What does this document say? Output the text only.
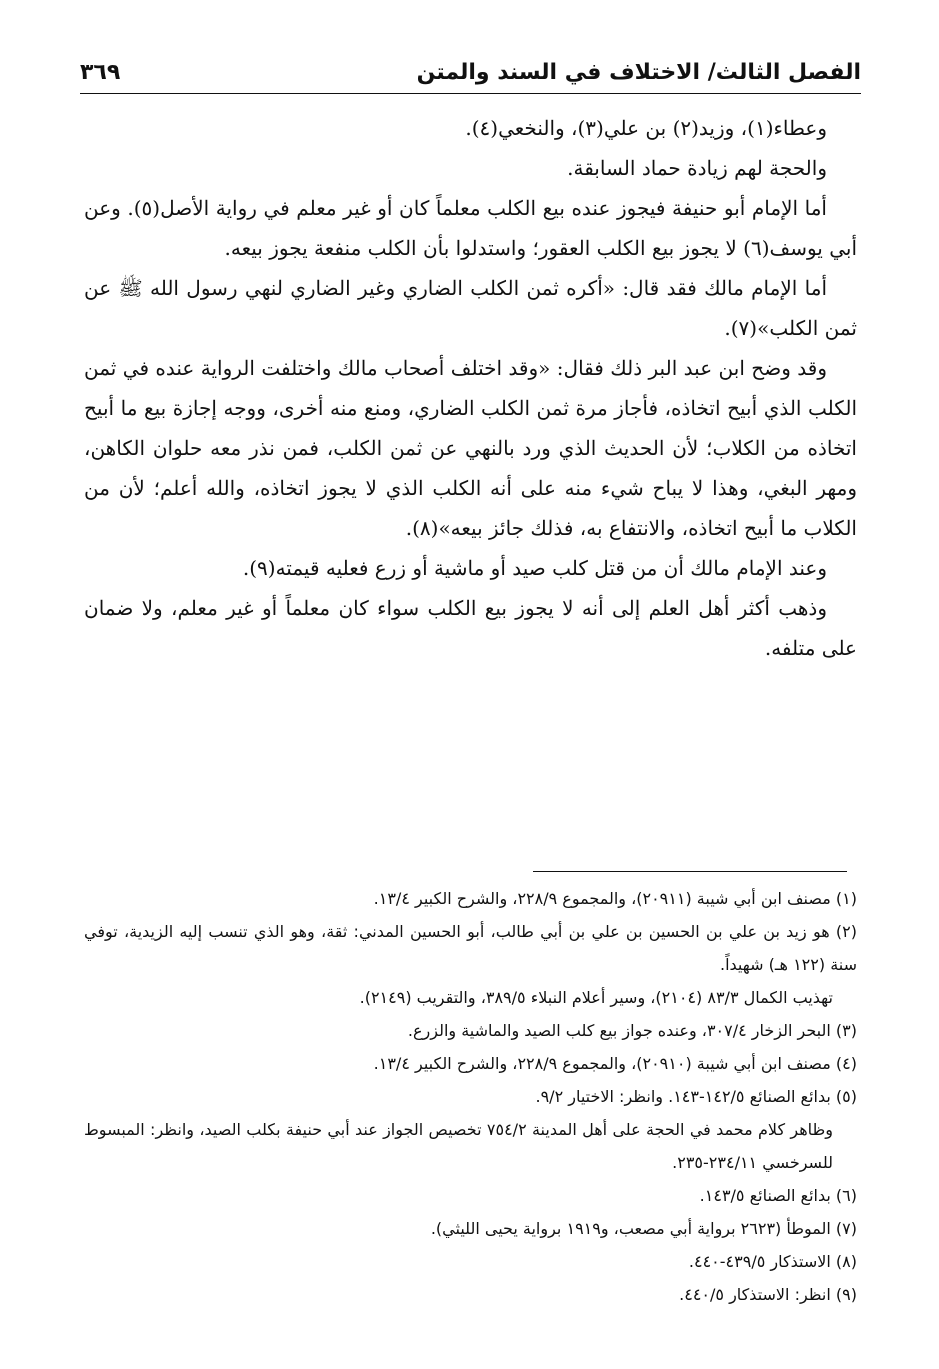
الفصل الثالث/ الاختلاف في السند والمتن
٣٦٩

وعطاء(١)، وزيد(٢) بن علي(٣)، والنخعي(٤).

والحجة لهم زيادة حماد السابقة.

أما الإمام أبو حنيفة فيجوز عنده بيع الكلب معلماً كان أو غير معلم في رواية الأصل(٥). وعن أبي يوسف(٦) لا يجوز بيع الكلب العقور؛ واستدلوا بأن الكلب منفعة يجوز بيعه.

أما الإمام مالك فقد قال: «أكره ثمن الكلب الضاري وغير الضاري لنهي رسول الله ﷺ عن ثمن الكلب»(٧).

وقد وضح ابن عبد البر ذلك فقال: «وقد اختلف أصحاب مالك واختلفت الرواية عنده في ثمن الكلب الذي أبيح اتخاذه، فأجاز مرة ثمن الكلب الضاري، ومنع منه أخرى، ووجه إجازة بيع ما أبيح اتخاذه من الكلاب؛ لأن الحديث الذي ورد بالنهي عن ثمن الكلب، فمن نذر معه حلوان الكاهن، ومهر البغي، وهذا لا يباح شيء منه على أنه الكلب الذي لا يجوز اتخاذه، والله أعلم؛ لأن من الكلاب ما أبيح اتخاذه، والانتفاع به، فذلك جائز بيعه»(٨).

وعند الإمام مالك أن من قتل كلب صيد أو ماشية أو زرع فعليه قيمته(٩).

وذهب أكثر أهل العلم إلى أنه لا يجوز بيع الكلب سواء كان معلماً أو غير معلم، ولا ضمان على متلفه.

(١) مصنف ابن أبي شيبة (٢٠٩١١)، والمجموع ٢٢٨/٩، والشرح الكبير ١٣/٤.

(٢) هو زيد بن علي بن الحسين بن علي بن أبي طالب، أبو الحسين المدني: ثقة، وهو الذي تنسب إليه الزيدية، توفي سنة (١٢٢ هـ) شهيداً.

تهذيب الكمال ٨٣/٣ (٢١٠٤)، وسير أعلام النبلاء ٣٨٩/٥، والتقريب (٢١٤٩).

(٣) البحر الزخار ٣٠٧/٤، وعنده جواز بيع كلب الصيد والماشية والزرع.

(٤) مصنف ابن أبي شيبة (٢٠٩١٠)، والمجموع ٢٢٨/٩، والشرح الكبير ١٣/٤.

(٥) بدائع الصنائع ١٤٢/٥-١٤٣. وانظر: الاختيار ٩/٢.

وظاهر كلام محمد في الحجة على أهل المدينة ٧٥٤/٢ تخصيص الجواز عند أبي حنيفة بكلب الصيد، وانظر: المبسوط للسرخسي ٢٣٤/١١-٢٣٥.

(٦) بدائع الصنائع ١٤٣/٥.

(٧) الموطأ (٢٦٢٣ برواية أبي مصعب، و١٩١٩ برواية يحيى الليثي).

(٨) الاستذكار ٤٣٩/٥-٤٤٠.

(٩) انظر: الاستذكار ٤٤٠/٥.
